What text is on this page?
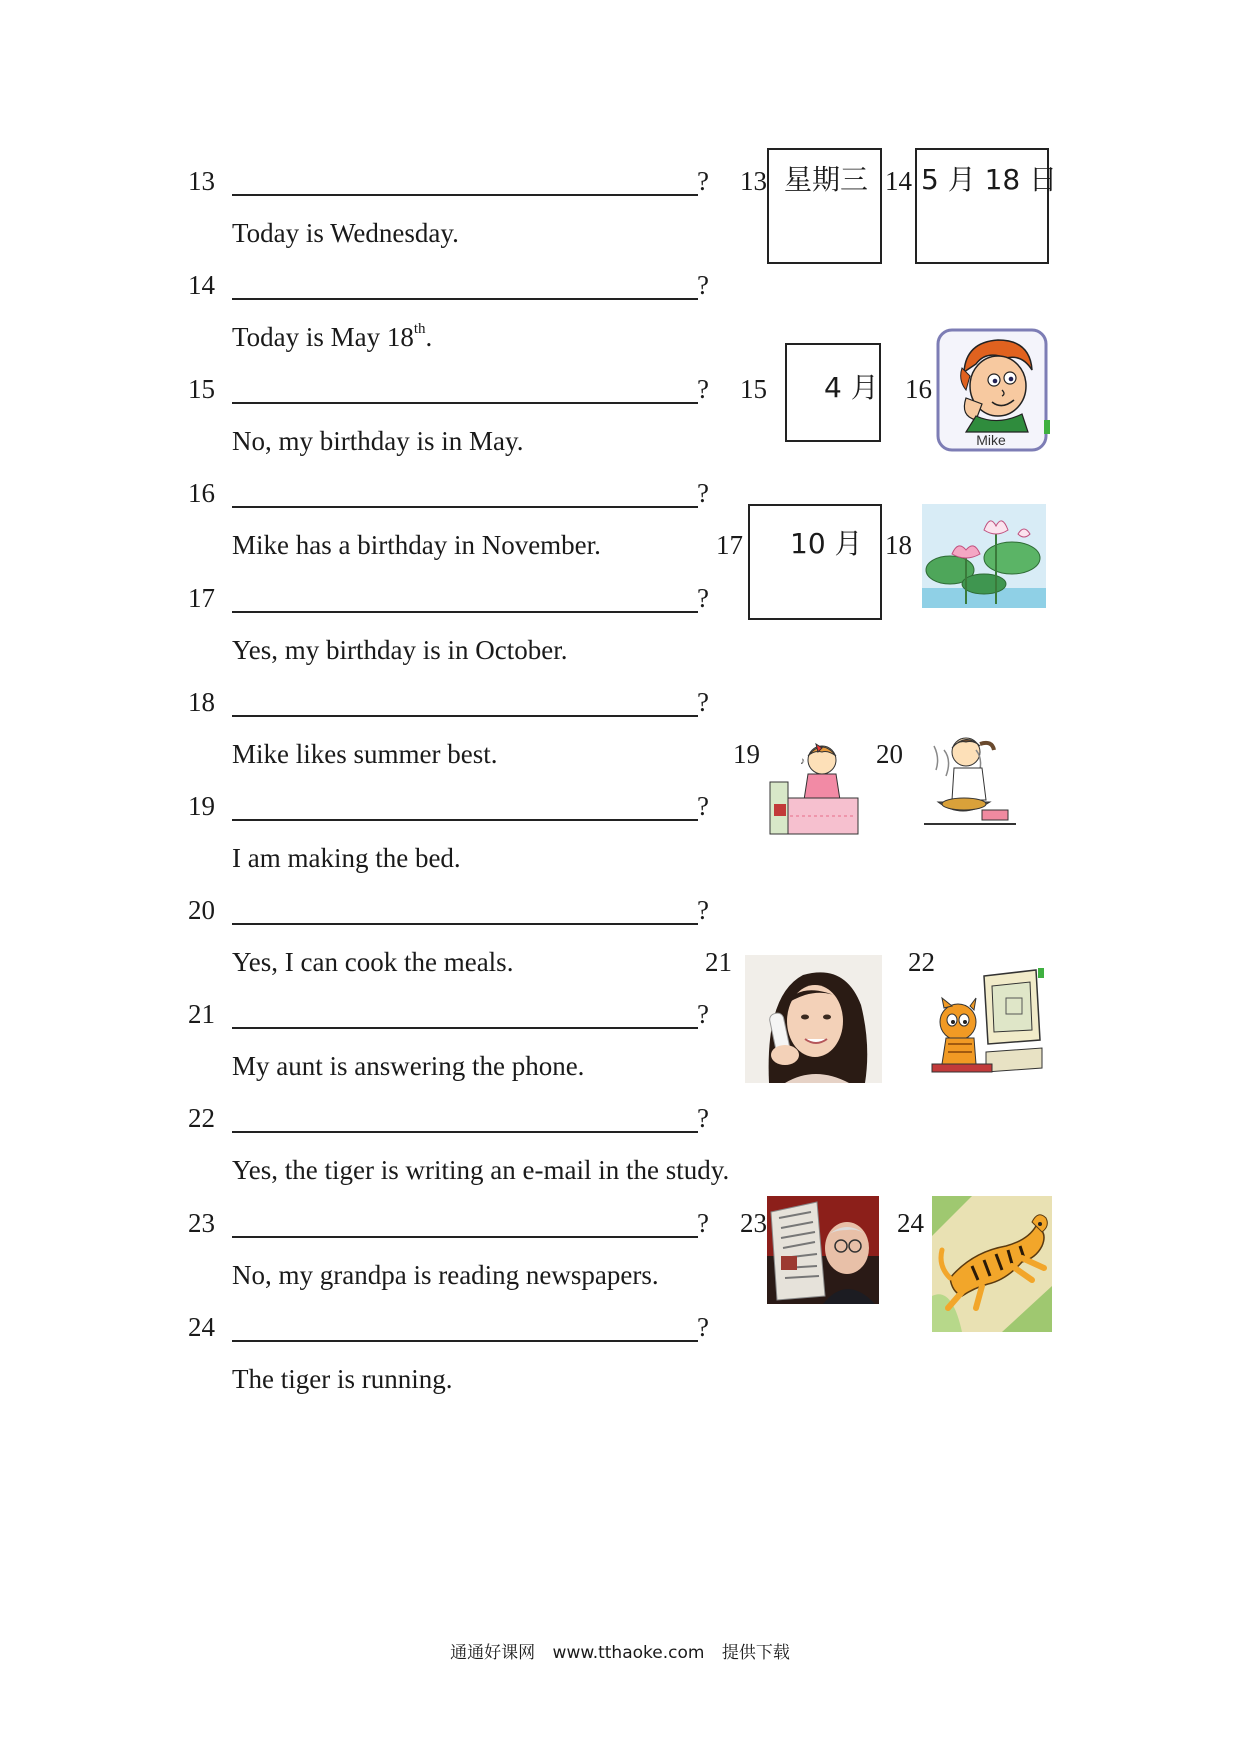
13	?
Today is Wednesday.
14	?
Today is May 18th.
15	?
No, my birthday is in May.
16	?
Mike has a birthday in November.
17	?
Yes, my birthday is in October.
18	?
Mike likes summer best.
19	?
I am making the bed.
20	?
Yes, I can cook the meals.
21	?
My aunt is answering the phone.
22	?
Yes, the tiger is writing an e-mail in the study.
23	?
No, my grandpa is reading newspapers.
24	?
The tiger is running.
13 星期三 14 5 月 18 日
15 4 月 16
Mike
17 10 月 18
19	♪	20
21	22
23	24
通通好课网 www.tthaoke.com 提供下载
